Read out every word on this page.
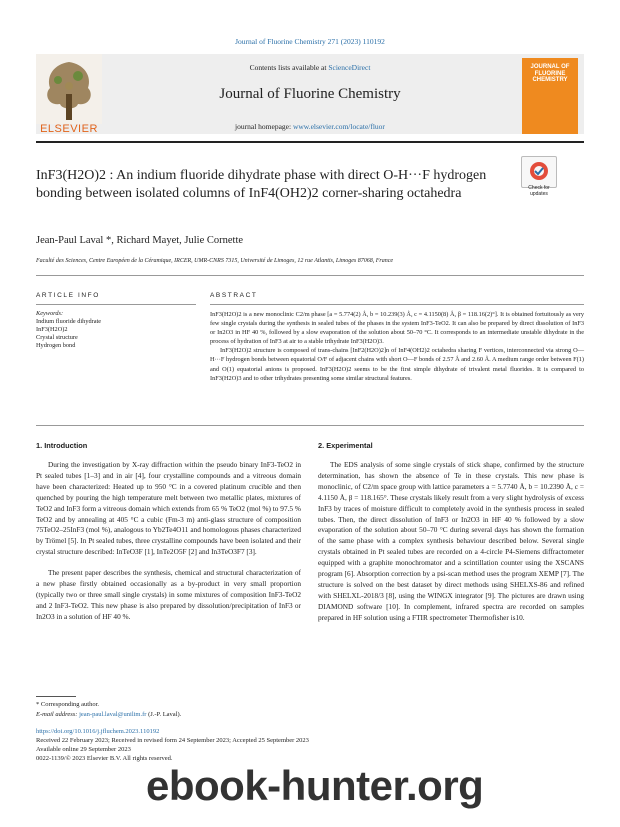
Journal of Fluorine Chemistry 271 (2023) 110192
ELSEVIER
Contents lists available at ScienceDirect
Journal of Fluorine Chemistry
journal homepage: www.elsevier.com/locate/fluor
JOURNAL OF FLUORINE CHEMISTRY
InF3(H2O)2 : An indium fluoride dihydrate phase with direct O-H···F hydrogen bonding between isolated columns of InF4(OH2)2 corner-sharing octahedra	Check for updates
Jean-Paul Laval *, Richard Mayet, Julie Cornette
Faculté des Sciences, Centre Européen de la Céramique, IRCER, UMR-CNRS 7315, Université de Limoges, 12 rue Atlantis, Limoges 87068, France
ARTICLE INFO	ABSTRACT
Keywords:
Indium fluoride dihydrate
InF3(H2O)2
Crystal structure
Hydrogen bond

InF3(H2O)2 is a new monoclinic C2/m phase [a = 5.774(2) Å, b = 10.239(3) Å, c = 4.1150(8) Å, β = 118.16(2)°]. It is obtained fortuitously as very few single crystals during the synthesis in sealed tubes of the phases in the system InF3-TeO2. It can also be prepared by direct dissolution of InF3 or In2O3 in HF 40 %, followed by a slow evaporation of the solution about 50–70 °C. It corresponds to an intermediate unstable dihydrate in the process of hydration of InF3 at air to a stable trihydrate InF3(H2O)3.

InF3(H2O)2 structure is composed of trans-chains [InF2(H2O)2]n of InF4(OH2)2 octahedra sharing F vertices, interconnected via strong O—H···F hydrogen bonds between equatorial O/F of adjacent chains with short O—F bonds of 2.57 Å and 2.60 Å. A medium range order between F(1) and O(1) equatorial anions is proposed. InF3(H2O)2 seems to be the first simple dihydrate of trivalent metal fluorides. It is compared to InF3(H2O)3 and to other trihydrates presenting some similar structural features.

1. Introduction

During the investigation by X-ray diffraction within the pseudo binary InF3-TeO2 in Pt sealed tubes [1–3] and in air [4], four crystalline compounds and a vitreous domain have been characterized: Heated up to 950 °C in a covered platinum crucible and then quenched by pouring the high temperature melt between two metallic plates, mixtures of TeO2 and InF3 form a vitreous domain which extends from 65 % TeO2 (mol %) to 97.5 % TeO2 and by annealing at 405 °C a cubic (Fm-3 m) anti-glass structure of composition 75TeO2–25InF3 (mol %), analogous to Yb2Te4O11 and homologous phases characterized by Trömel [5]. In Pt sealed tubes, three crystalline compounds have been isolated and their crystal structure described: InTeO3F [1], InTe2O5F [2] and In3TeO3F7 [3].

The present paper describes the synthesis, chemical and structural characterization of a new phase firstly obtained occasionally as a by-product in very small proportion (typically two or three small single crystals) in some mixtures of composition InF3-TeO2 and 2 InF3-TeO2. This new phase is also prepared by dissolution/precipitation of InF3 or In2O3 in a solution of HF 40 %.

2. Experimental

The EDS analysis of some single crystals of stick shape, confirmed by the structure determination, has shown the absence of Te in these crystals. This new phase is monoclinic, of C2/m space group with lattice parameters a = 5.7740 Å, b = 10.2390 Å, c = 4.1150 Å, β = 118.165°. These crystals likely result from a very slight hydrolysis of excess InF3 by traces of moisture difficult to completely avoid in the synthesis process in sealed tubes. Then, the direct dissolution of InF3 or In2O3 in HF 40 % followed by a slow evaporation of the solution about 50–70 °C during several days has shown the formation of the same phase with a complex synthesis behaviour described below. Several single crystals obtained in Pt sealed tubes are recorded on a 4-circle P4-Siemens diffractometer equipped with a graphite monochromator and a scintillation counter using the XSCANS program [6]. Absorption correction by a psi-scan method uses the program XEMP [7]. The structure is solved on the best dataset by direct methods using SHELXS-86 and refined with SHELXL-2018/3 [8], using the WINGX integrator [9]. The pictures are drawn using DIAMOND software [10]. In complement, infrared spectra are recorded on samples prepared in HF solution using a FTIR spectrometer Thermofisher is10.

* Corresponding author.
E-mail address: jean-paul.laval@unilim.fr (J.-P. Laval).
https://doi.org/10.1016/j.jfluchem.2023.110192
Received 22 February 2023; Received in revised form 24 September 2023; Accepted 25 September 2023
Available online 29 September 2023
0022-1139/© 2023 Elsevier B.V. All rights reserved.
ebook-hunter.org
